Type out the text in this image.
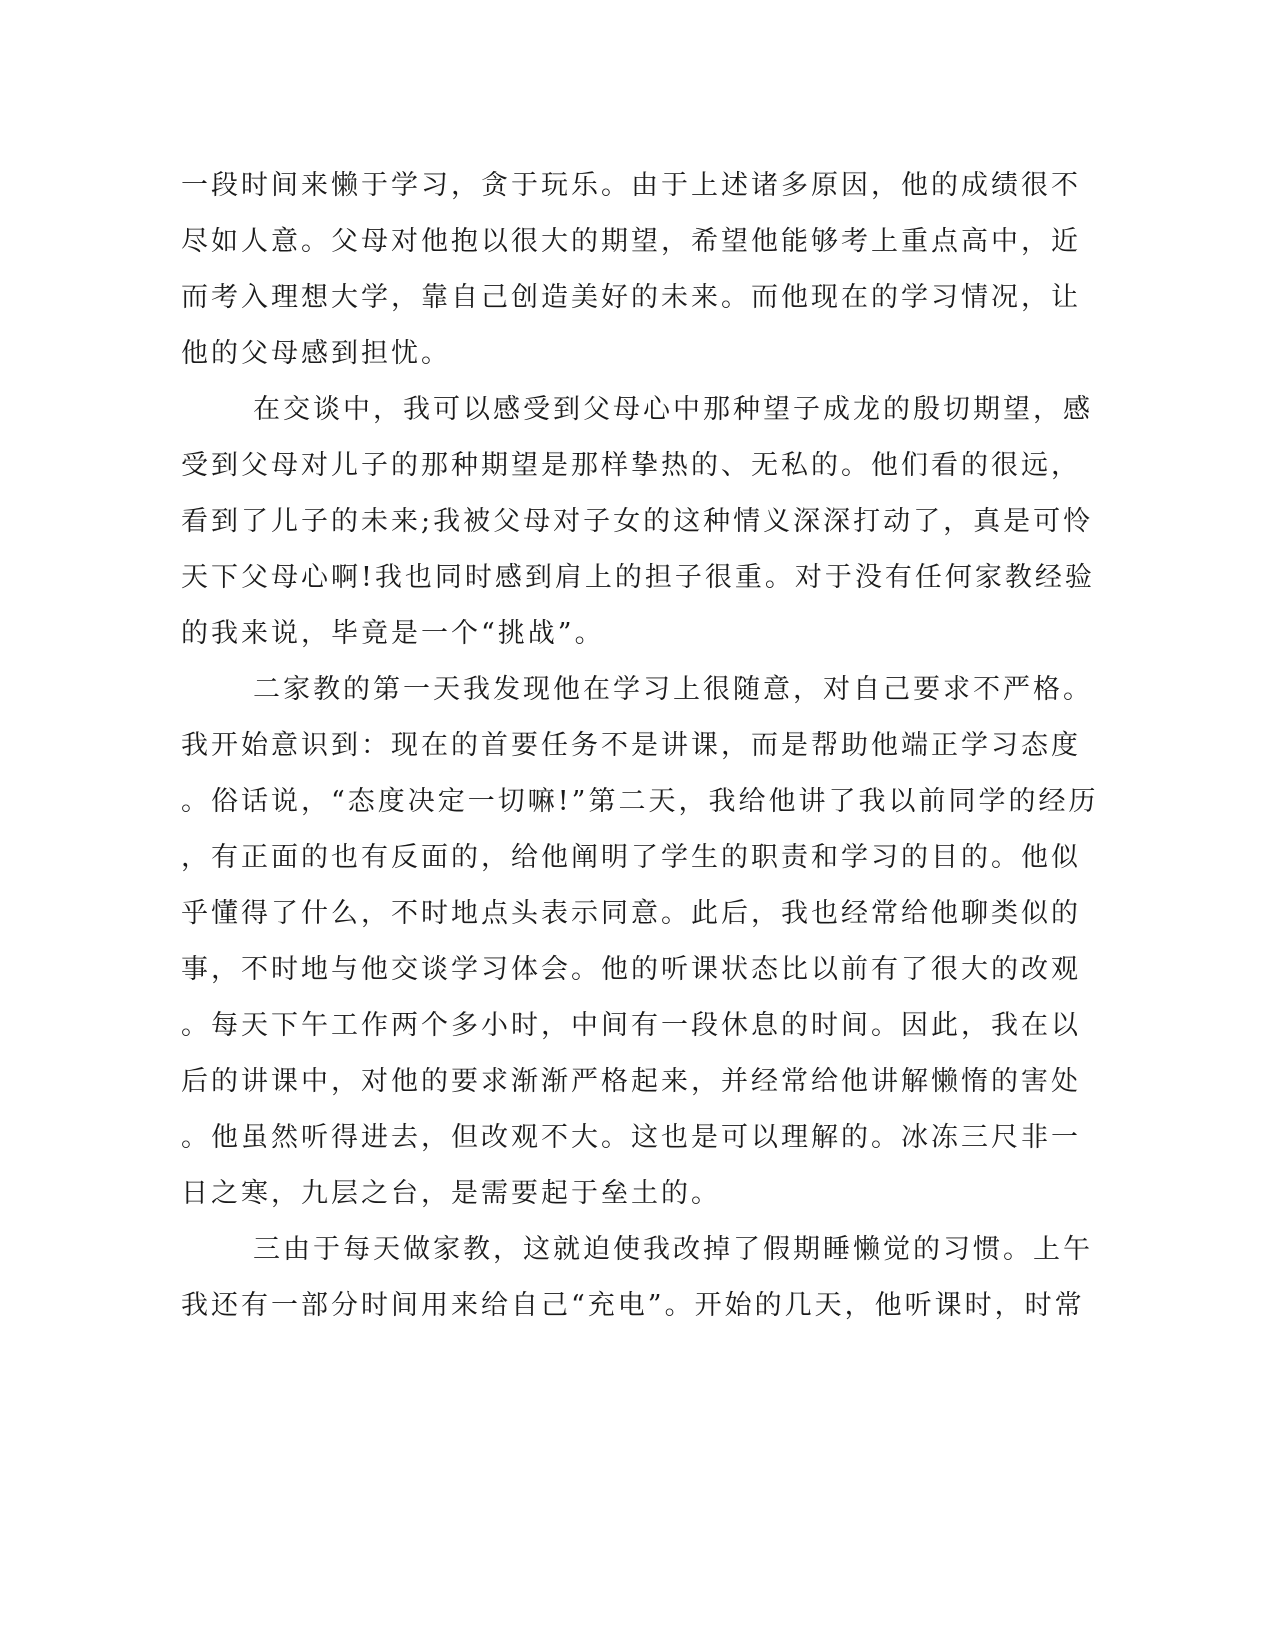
一段时间来懒于学习，贪于玩乐。由于上述诸多原因，他的成绩很不
尽如人意。父母对他抱以很大的期望，希望他能够考上重点高中，近
而考入理想大学，靠自己创造美好的未来。而他现在的学习情况，让
他的父母感到担忧。
在交谈中，我可以感受到父母心中那种望子成龙的殷切期望，感
受到父母对儿子的那种期望是那样挚热的、无私的。他们看的很远，
看到了儿子的未来;我被父母对子女的这种情义深深打动了，真是可怜
天下父母心啊!我也同时感到肩上的担子很重。对于没有任何家教经验
的我来说，毕竟是一个“挑战”。
二家教的第一天我发现他在学习上很随意，对自己要求不严格。
我开始意识到：现在的首要任务不是讲课，而是帮助他端正学习态度
。俗话说，“态度决定一切嘛!”第二天，我给他讲了我以前同学的经历
，有正面的也有反面的，给他阐明了学生的职责和学习的目的。他似
乎懂得了什么，不时地点头表示同意。此后，我也经常给他聊类似的
事，不时地与他交谈学习体会。他的听课状态比以前有了很大的改观
。每天下午工作两个多小时，中间有一段休息的时间。因此，我在以
后的讲课中，对他的要求渐渐严格起来，并经常给他讲解懒惰的害处
。他虽然听得进去，但改观不大。这也是可以理解的。冰冻三尺非一
日之寒，九层之台，是需要起于垒土的。
三由于每天做家教，这就迫使我改掉了假期睡懒觉的习惯。上午
我还有一部分时间用来给自己“充电”。开始的几天，他听课时，时常
